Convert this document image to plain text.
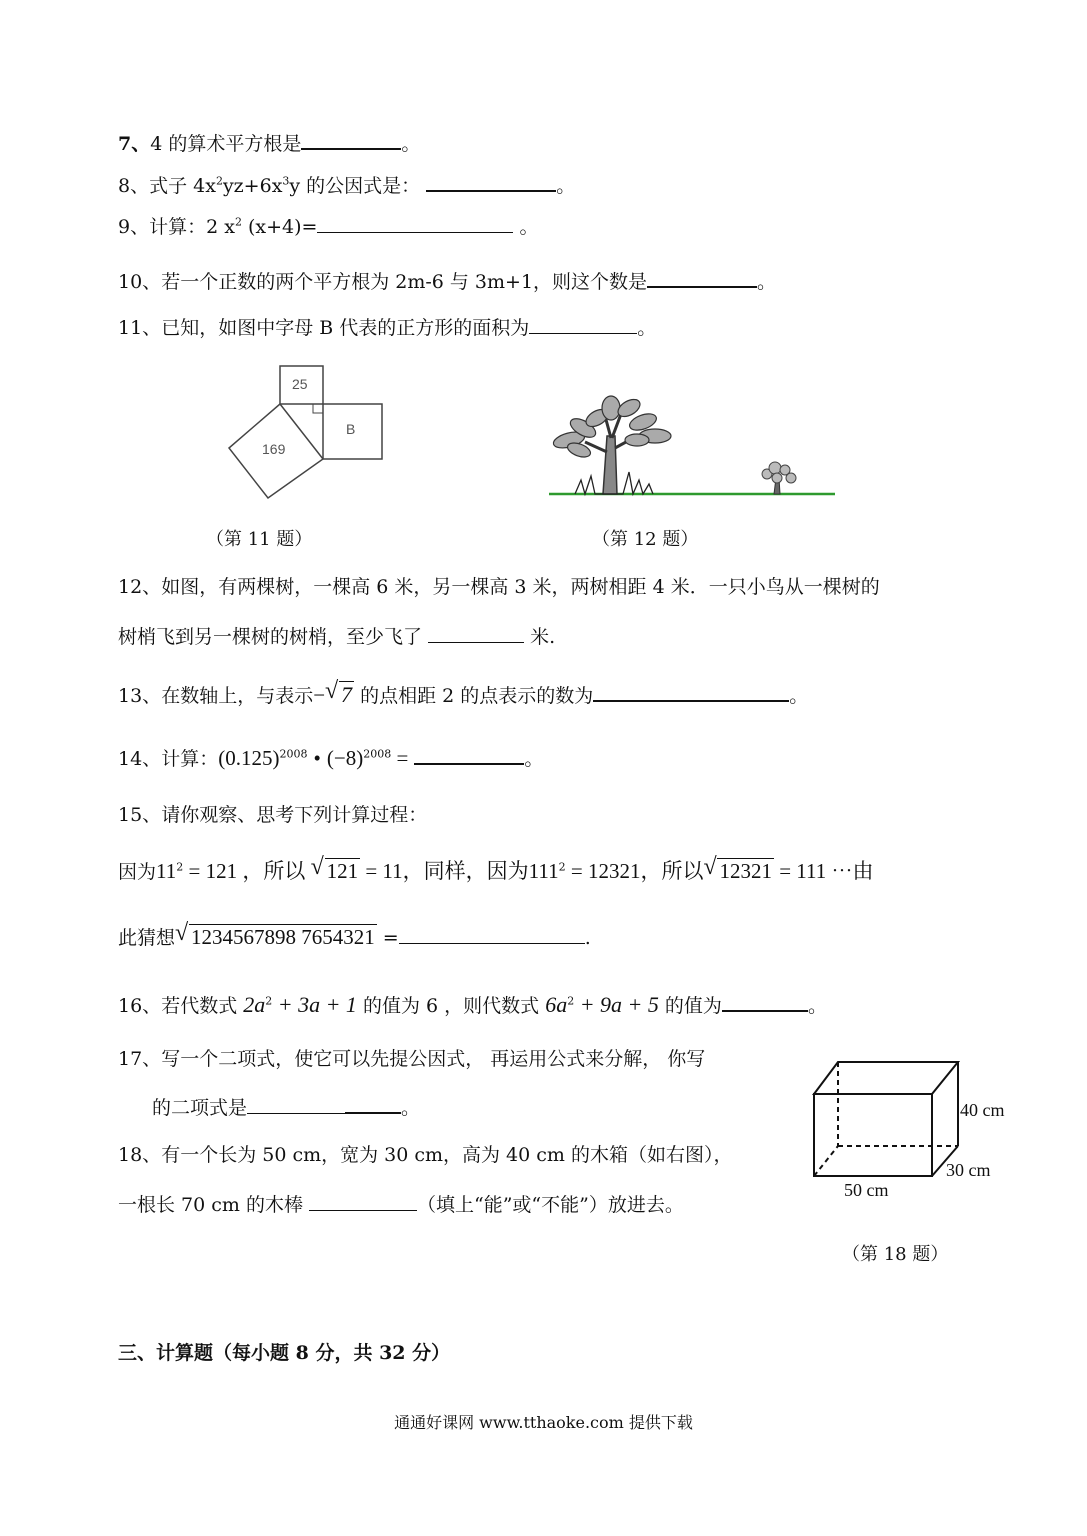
7、4 的算术平方根是	。
8、式子 $4x^2yz+6x^3y$ 的公因式是：	。
9、计算：2 $x^2$ (x+4)=	。
10、若一个正数的两个平方根为 2m-6 与 3m+1，则这个数是	。
11、已知，如图中字母 B 代表的正方形的面积为	。
25
169
B
（第 11 题）	（第 12 题）
12、如图，有两棵树，一棵高 6 米，另一棵高 3 米，两树相距 4 米．一只小鸟从一棵树的
树梢飞到另一棵树的树梢，至少飞了	米.
13、在数轴上，与表示− √ 7 的点相距 2 的点表示的数为	。
14、计算：$(0.125)^{2008}$ • $(-8)^{2008}$ =	。
15、请你观察、思考下列计算过程：
因为$11^2 = 121$ ，所以 √ 121 = 11，同样，因为$111^2 = 12321$，所以 √ 12321 = 111 ⋯由
此猜想 √ 1234567898 7654321 =	.
16、若代数式 $2a^2 + 3a + 1$ 的值为 6 ，则代数式 $6a^2 + 9a + 5$ 的值为	。
17、写一个二项式，使它可以先提公因式， 再运用公式来分解， 你写
的二项式是	。
18、有一个长为 50 cm，宽为 30 cm，高为 40 cm 的木箱（如右图），
一根长 70 cm 的木棒	（填上“能”或“不能”）放进去。
40 cm
30 cm
50 cm
（第 18 题）
三、计算题（每小题 8 分，共 32 分）
通通好课网 www.tthaoke.com 提供下载
